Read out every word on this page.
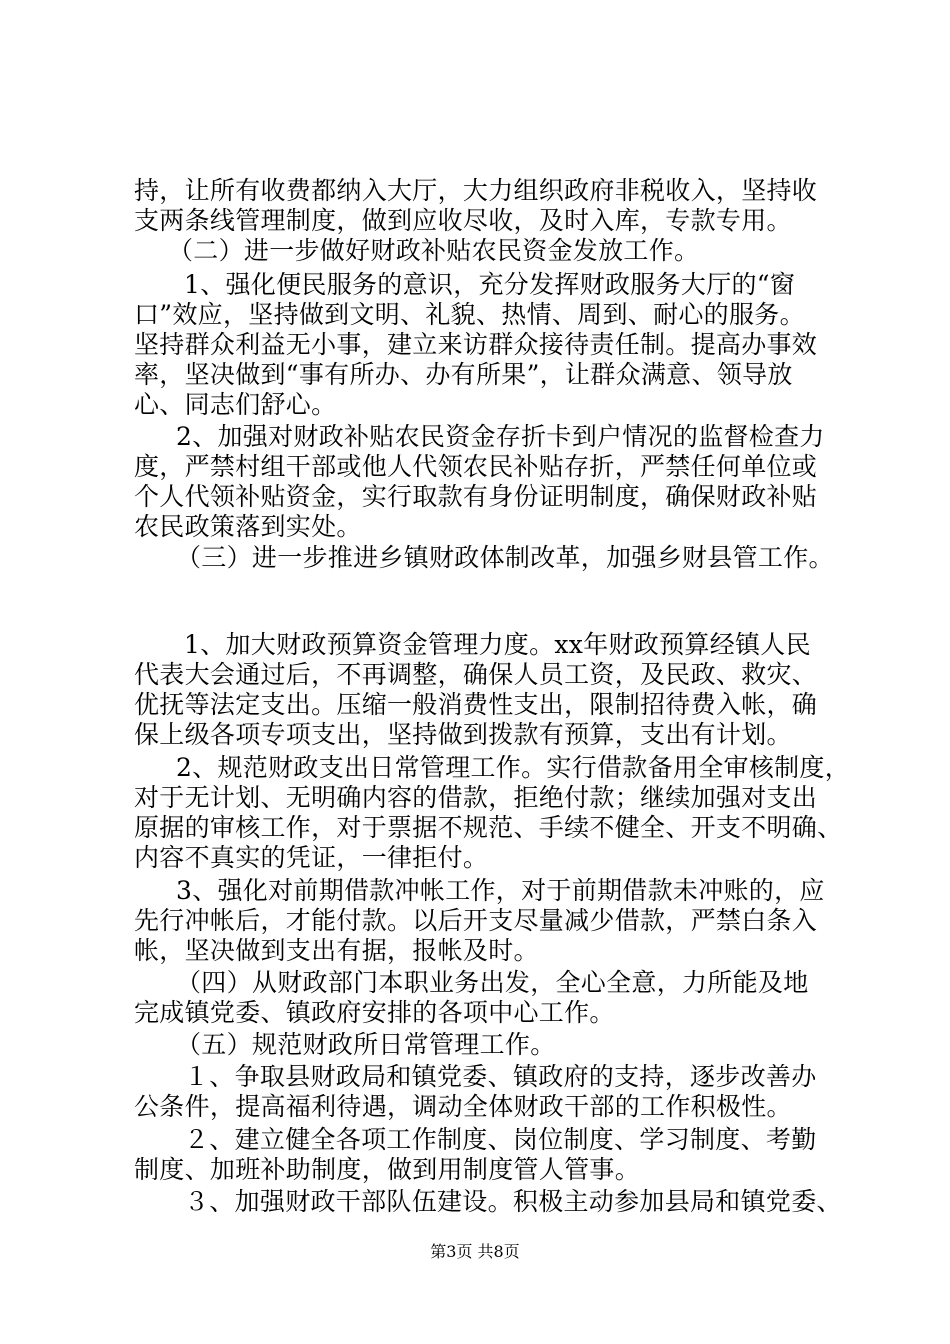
持，让所有收费都纳入大厅，大力组织政府非税收入，坚持收
支两条线管理制度，做到应收尽收，及时入库，专款专用。
（二）进一步做好财政补贴农民资金发放工作。
1、强化便民服务的意识，充分发挥财政服务大厅的“窗
口”效应，坚持做到文明、礼貌、热情、周到、耐心的服务。
坚持群众利益无小事，建立来访群众接待责任制。提高办事效
率，坚决做到“事有所办、办有所果”，让群众满意、领导放
心、同志们舒心。
2、加强对财政补贴农民资金存折卡到户情况的监督检查力
度，严禁村组干部或他人代领农民补贴存折，严禁任何单位或
个人代领补贴资金，实行取款有身份证明制度，确保财政补贴
农民政策落到实处。
（三）进一步推进乡镇财政体制改革，加强乡财县管工作。
1、加大财政预算资金管理力度。xx年财政预算经镇人民
代表大会通过后，不再调整，确保人员工资，及民政、救灾、
优抚等法定支出。压缩一般消费性支出，限制招待费入帐，确
保上级各项专项支出，坚持做到拨款有预算，支出有计划。
2、规范财政支出日常管理工作。实行借款备用全审核制度，
对于无计划、无明确内容的借款，拒绝付款；继续加强对支出
原据的审核工作，对于票据不规范、手续不健全、开支不明确、
内容不真实的凭证，一律拒付。
3、强化对前期借款冲帐工作，对于前期借款未冲账的，应
先行冲帐后，才能付款。以后开支尽量减少借款，严禁白条入
帐，坚决做到支出有据，报帐及时。
（四）从财政部门本职业务出发，全心全意，力所能及地
完成镇党委、镇政府安排的各项中心工作。
（五）规范财政所日常管理工作。
１、争取县财政局和镇党委、镇政府的支持，逐步改善办
公条件，提高福利待遇，调动全体财政干部的工作积极性。
２、建立健全各项工作制度、岗位制度、学习制度、考勤
制度、加班补助制度，做到用制度管人管事。
３、加强财政干部队伍建设。积极主动参加县局和镇党委、
第3页 共8页
